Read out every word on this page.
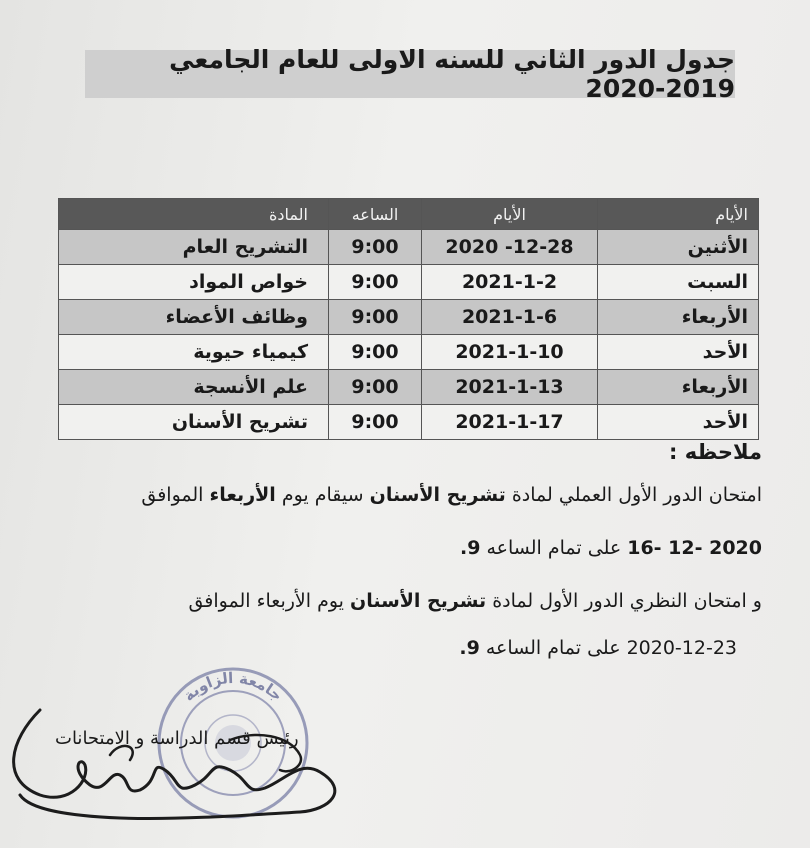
جدول الدور الثاني للسنه الاولى للعام الجامعي 2019-2020
الأيام	الأيام	الساعه	المادة
الأثنين	2020 -12-28	9:00	التشريح العام
السبت	2021-1-2	9:00	خواص المواد
الأربعاء	2021-1-6	9:00	وظائف الأعضاء
الأحد	2021-1-10	9:00	كيمياء حيوية
الأربعاء	2021-1-13	9:00	علم الأنسجة
الأحد	2021-1-17	9:00	تشريح الأسنان
ملاحظه :
امتحان الدور الأول العملي لمادة تشريح الأسنان سيقام يوم الأربعاء الموافق
16- 12- 2020 على تمام الساعه 9.
و امتحان النظري الدور الأول لمادة تشريح الأسنان يوم الأربعاء الموافق
2020-12-23 على تمام الساعه 9.
جامعة الزاوية
رئيس قسم الدراسة و الامتحانات
